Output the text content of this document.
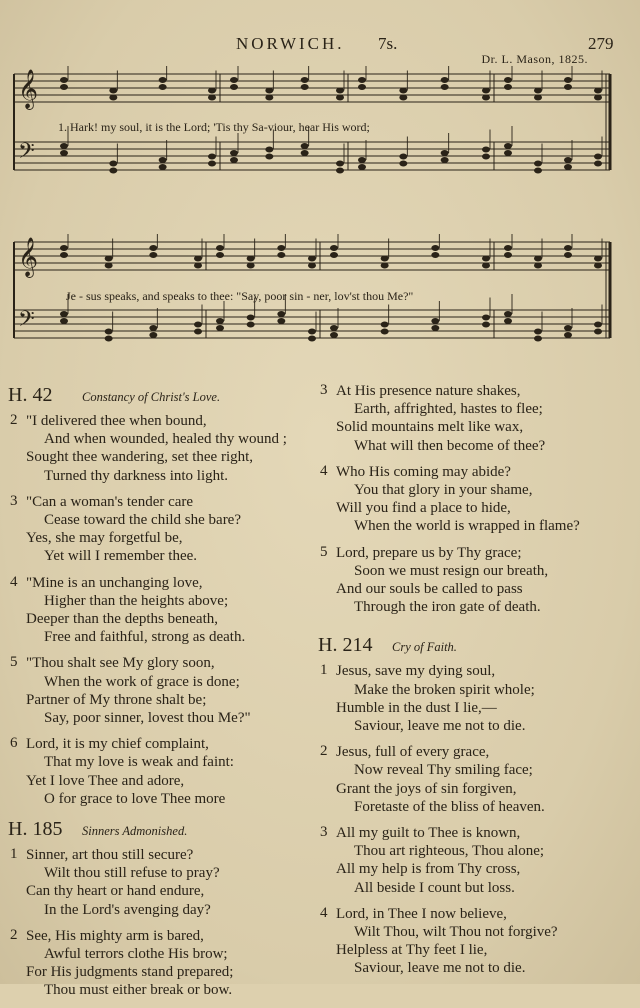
NORWICH. 7s.	279
Dr. L. Mason, 1825.
𝄞
𝄢
1. Hark! my soul, it is the Lord; 'Tis thy Sa-viour, hear His word;
𝄞
𝄢
Je - sus speaks, and speaks to thee: "Say, poor sin - ner, lov'st thou Me?"
H. 42 Constancy of Christ's Love.
2 "I delivered thee when bound,
And when wounded, healed thy wound ;
Sought thee wandering, set thee right,
Turned thy darkness into light.
3 "Can a woman's tender care
Cease toward the child she bare?
Yes, she may forgetful be,
Yet will I remember thee.
4 "Mine is an unchanging love,
Higher than the heights above;
Deeper than the depths beneath,
Free and faithful, strong as death.
5 "Thou shalt see My glory soon,
When the work of grace is done;
Partner of My throne shalt be;
Say, poor sinner, lovest thou Me?"
6 Lord, it is my chief complaint,
That my love is weak and faint:
Yet I love Thee and adore,
O for grace to love Thee more
H. 185 Sinners Admonished.
1 Sinner, art thou still secure?
Wilt thou still refuse to pray?
Can thy heart or hand endure,
In the Lord's avenging day?
2 See, His mighty arm is bared,
Awful terrors clothe His brow;
For His judgments stand prepared;
Thou must either break or bow.
3 At His presence nature shakes,
Earth, affrighted, hastes to flee;
Solid mountains melt like wax,
What will then become of thee?
4 Who His coming may abide?
You that glory in your shame,
Will you find a place to hide,
When the world is wrapped in flame?
5 Lord, prepare us by Thy grace;
Soon we must resign our breath,
And our souls be called to pass
Through the iron gate of death.
H. 214 Cry of Faith.
1 Jesus, save my dying soul,
Make the broken spirit whole;
Humble in the dust I lie,—
Saviour, leave me not to die.
2 Jesus, full of every grace,
Now reveal Thy smiling face;
Grant the joys of sin forgiven,
Foretaste of the bliss of heaven.
3 All my guilt to Thee is known,
Thou art righteous, Thou alone;
All my help is from Thy cross,
All beside I count but loss.
4 Lord, in Thee I now believe,
Wilt Thou, wilt Thou not forgive?
Helpless at Thy feet I lie,
Saviour, leave me not to die.
